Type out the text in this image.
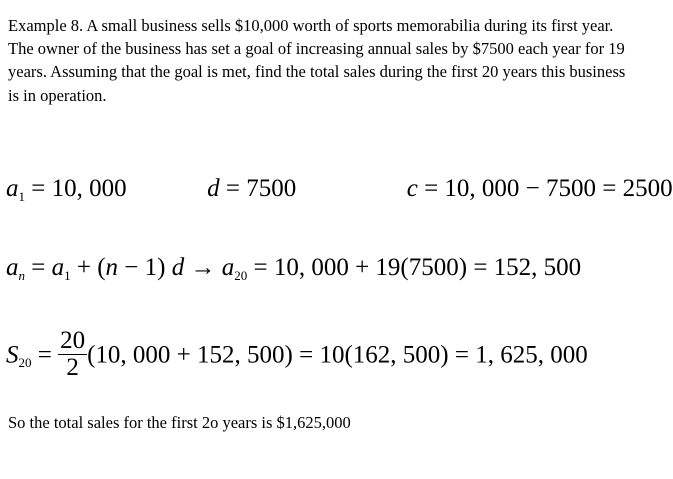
Example 8. A small business sells $10,000 worth of sports memorabilia during its first year. The owner of the business has set a goal of increasing annual sales by $7500 each year for 19 years. Assuming that the goal is met, find the total sales during the first 20 years this business is in operation.

$a_1 = 10$, 000	d = 7500	c = 10, 000 − 7500 = 2500
$a_n = a_1 + (n - 1) d \to a_{20} = 10$, 000 + 19(7500) = 152, 500
$S_{20} = \frac{20}{2} (10$, 000 + 152, 500) = 10(162, 500) = 1, 625, 000

So the total sales for the first 2o years is $1,625,000
